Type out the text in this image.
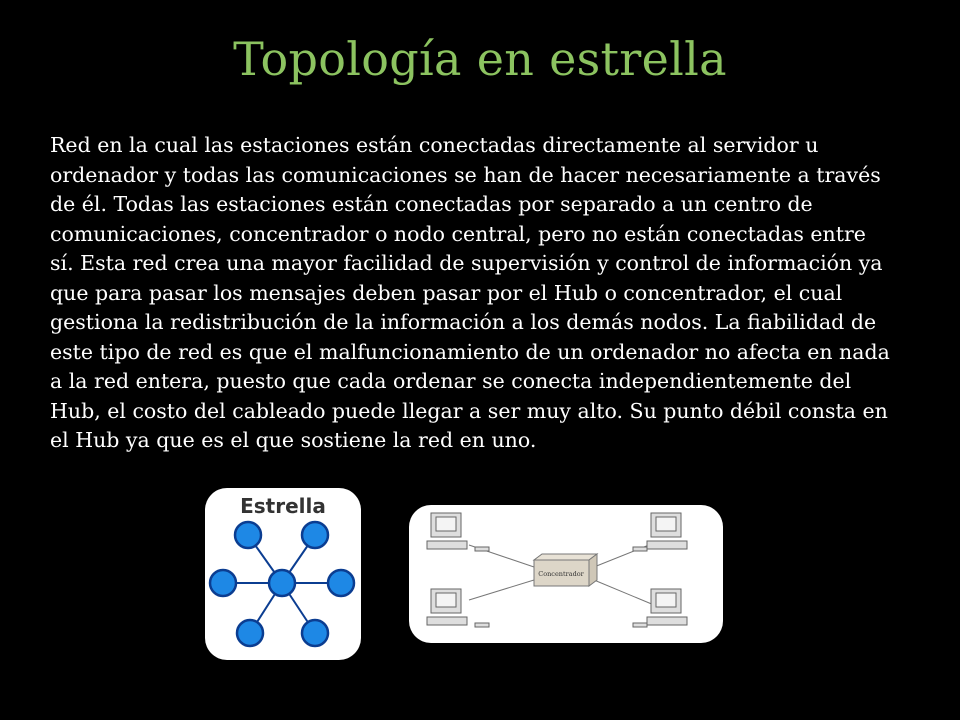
Topología en estrella
Red en la cual las estaciones están conectadas directamente al servidor u ordenador y todas las comunicaciones se han de hacer necesariamente a través de él. Todas las estaciones están conectadas por separado a un centro de comunicaciones, concentrador o nodo central, pero no están conectadas entre sí. Esta red crea una mayor facilidad de supervisión y control de información ya que para pasar los mensajes deben pasar por el Hub o concentrador, el cual gestiona la redistribución de la información a los demás nodos. La fiabilidad de este tipo de red es que el malfuncionamiento de un ordenador no afecta en nada a la red entera, puesto que cada ordenar se conecta independientemente del Hub, el costo del cableado puede llegar a ser muy alto. Su punto débil consta en el Hub ya que es el que sostiene la red en uno.
Estrella
Concentrador
